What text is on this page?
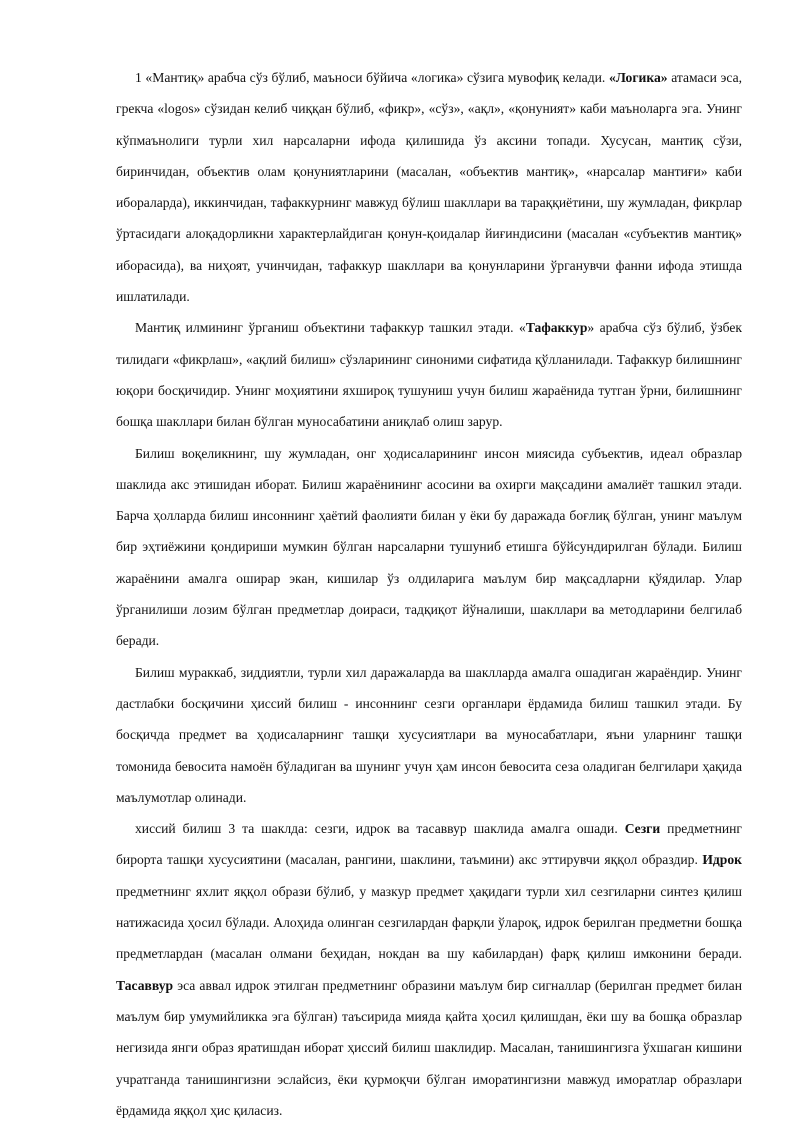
1 «Мантиқ» арабча сўз бўлиб, маъноси бўйича «логика» сўзига мувофиқ келади. «Логика» атамаси эса, грекча «logos» сўзидан келиб чиққан бўлиб, «фикр», «сўз», «ақл», «қонуният» каби маъноларга эга. Унинг кўпмаънолиги турли хил нарсаларни ифода қилишида ўз аксини топади. Хусусан, мантиқ сўзи, биринчидан, объектив олам қонуниятларини (масалан, «объектив мантиқ», «нарсалар мантиғи» каби иборалардa), иккинчидан, тафаккурнинг мавжуд бўлиш шакллари ва тараққиётини, шу жумладан, фикрлар ўртасидаги алоқадорликни характерлайдиган қонун-қоидалар йиғиндисини (масалан «субъектив мантиқ» иборасида), ва ниҳоят, учинчидан, тафаккур шакллари ва қонунларини ўрганувчи фанни ифода этишда ишлатилади.

Мантиқ илмининг ўрганиш объектини тафаккур ташкил этади. «Тафаккур» арабча сўз бўлиб, ўзбек тилидаги «фикрлаш», «ақлий билиш» сўзларининг синоними сифатида қўлланилади. Тафаккур билишнинг юқори босқичидир. Унинг моҳиятини яхшироқ тушуниш учун билиш жараёнида тутган ўрни, билишнинг бошқа шакллари билан бўлган муносабатини аниқлаб олиш зарур.

Билиш воқеликнинг, шу жумладан, онг ҳодисаларининг инсон миясида субъектив, идеал образлар шаклида акс этишидан иборат. Билиш жараёнининг асосини ва охирги мақсадини амалиёт ташкил этади. Барча ҳолларда билиш инсоннинг ҳаётий фаолияти билан у ёки бу даражада боғлиқ бўлган, унинг маълум бир эҳтиёжини қондириши мумкин бўлган нарсаларни тушуниб етишга бўйсундирилган бўлади. Билиш жараёнини амалга оширар экан, кишилар ўз олдиларига маълум бир мақсадларни қўядилар. Улар ўрганилиши лозим бўлган предметлар доираси, тадқиқот йўналиши, шакллари ва методларини белгилаб беради.

Билиш мураккаб, зиддиятли, турли хил даражаларда ва шаклларда амалга ошадиган жараёндир. Унинг дастлабки босқичини ҳиссий билиш - инсоннинг сезги органлари ёрдамида билиш ташкил этади. Бу босқичда предмет ва ҳодисаларнинг ташқи хусусиятлари ва муносабатлари, яъни уларнинг ташқи томонида бевосита намоён бўладиган ва шунинг учун ҳам инсон бевосита сеза оладиган белгилари ҳақида маълумотлар олинади.

хиссий билиш 3 та шаклда: сезги, идрок ва тасаввур шаклида амалга ошади. Сезги предметнинг бирорта ташқи хусусиятини (масалан, рангини, шаклини, таъмини) акс эттирувчи яққол образдир. Идрок предметнинг яхлит яққол образи бўлиб, у мазкур предмет ҳақидаги турли хил сезгиларни синтез қилиш натижасида ҳосил бўлади. Алоҳида олинган сезгилардан фарқли ўлароқ, идрок берилган предметни бошқа предметлардан (масалан олмани беҳидан, нокдан ва шу кабилардан) фарқ қилиш имконини беради. Тасаввур эса аввал идрок этилган предметнинг образини маълум бир сигналлар (берилган предмет билан маълум бир умумийликка эга бўлган) таъсирида мияда қайта ҳосил қилишдан, ёки шу ва бошқа образлар негизида янги образ яратишдан иборат ҳиссий билиш шаклидир. Масалан, танишингизга ўхшаган кишини учратганда танишингизни эслайсиз, ёки қурмоқчи бўлган иморатингизни мавжуд иморатлар образлари ёрдамида яққол ҳис қиласиз.
